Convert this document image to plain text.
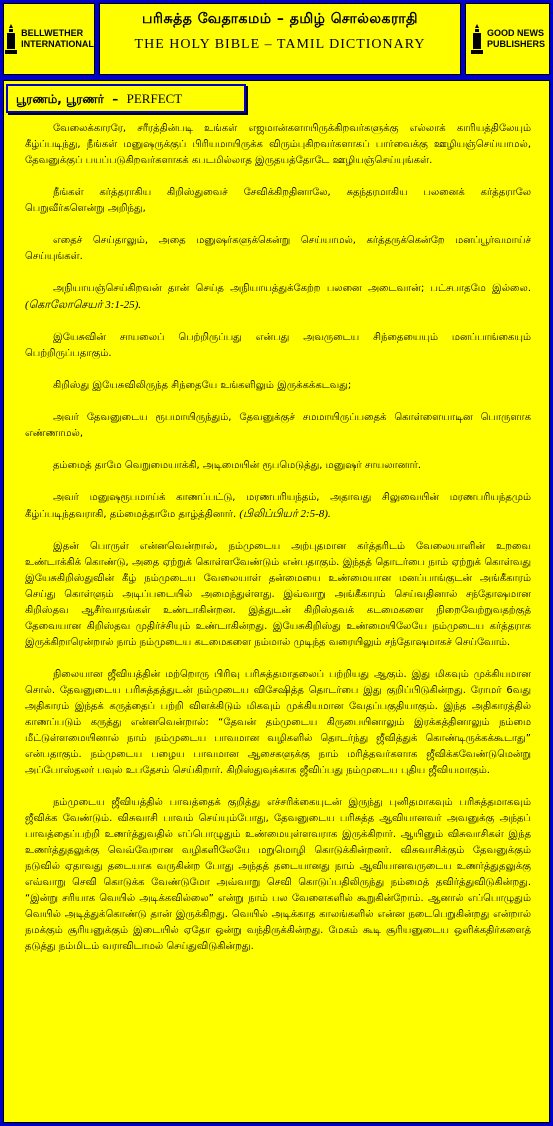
BELLWETHER
INTERNATIONAL
பரிசுத்த வேதாகமம் – தமிழ் சொல்லகராதி
THE HOLY BIBLE – TAMIL DICTIONARY
GOOD NEWS
PUBLISHERS
பூரணம், பூரணர் – PERFECT

வேலைக்காரரே, சரீரத்தின்படி உங்கள் எஜமான்களாயிருக்கிறவர்களுக்கு எல்லாக் காரியத்திலேயும் கீழ்ப்படிந்து, நீங்கள் மனுஷருக்குப் பிரியமாயிருக்க விரும்புகிறவர்களாகப் பார்வைக்கு ஊழியஞ்செய்யாமல், தேவனுக்குப் பயப்படுகிறவர்களாகக் கபடமில்லாத இருதயத்தோடே ஊழியஞ்செய்யுங்கள்.

நீங்கள் கர்த்தராகிய கிறிஸ்துவைச் சேவிக்கிறதினாலே, சுதந்தரமாகிய பலனைக் கர்த்தராலே பெறுவீர்களென்று அறிந்து,

எதைச் செய்தாலும், அதை மனுஷர்களுக்கென்று செய்யாமல், கர்த்தருக்கென்றே மனப்பூர்வமாய்ச் செய்யுங்கள்.

அநியாயஞ்செய்கிறவன் தான் செய்த அநியாயத்துக்கேற்ற பலனை அடைவான்; பட்சபாதமே இல்லை. (கொலோசெயர் 3:1-25).

இயேசுவின் சாயலைப் பெற்றிருப்பது என்பது அவருடைய சிந்தையையும் மனப்பாங்கையும் பெற்றிருப்பதாகும்.

கிறிஸ்து இயேசுவிலிருந்த சிந்தையே உங்களிலும் இருக்கக்கடவது;

அவர் தேவனுடைய ரூபமாயிருந்தும், தேவனுக்குச் சமமாயிருப்பதைக் கொள்ளையாடின பொருளாக எண்ணாமல்,

தம்மைத் தாமே வெறுமையாக்கி, அடிமையின் ரூபமெடுத்து, மனுஷர் சாயலானார்.

அவர் மனுஷரூபமாய்க் காணப்பட்டு, மரணபரியந்தம், அதாவது சிலுவையின் மரணபரியந்தமும் கீழ்ப்படிந்தவராகி, தம்மைத்தாமே தாழ்த்தினார். (பிலிப்பியர் 2:5-8).

இதன் பொருள் என்னவென்றால், நம்முடைய அற்புதமான கர்த்தரிடம் வேலையாளின் உறவை உண்டாக்கிக் கொண்டு, அதை ஏற்றுக் கொள்ளவேண்டும் என்பதாகும். இந்தத் தொடர்பை நாம் ஏற்றுக் கொள்வது இயேசுகிறிஸ்துவின் கீழ் நம்முடைய வேலையாள் தன்மையை உண்மையான மனப்பாங்குடன் அங்கீகாரம் செய்து கொள்ளும் அடிப்படையில் அமைந்துள்ளது. இவ்வாறு அங்கீகாரம் செய்வதினால் சந்தோஷமான கிறிஸ்தவ ஆசீர்வாதங்கள் உண்டாகின்றன. இத்துடன் கிறிஸ்தவக் கடமைகளை நிறைவேற்றுவதற்குத் தேவையான கிறிஸ்தவ முதிர்ச்சியும் உண்டாகின்றது. இயேசுகிறிஸ்து உண்மையிலேயே நம்முடைய கர்த்தராக இருக்கிறாரென்றால் நாம் நம்முடைய கடமைகளை நம்மால் முடிந்த வரையிலும் சந்தோஷமாகச் செய்வோம்.

நிலையான ஜீவியத்தின் மற்றொரு பிரிவு பரிசுத்தமாதலைப் பற்றியது ஆகும். இது மிகவும் முக்கியமான சொல். தேவனுடைய பரிசுத்தத்துடன் நம்முடைய விசேஷித்த தொடர்பை இது குறிப்பிடுகின்றது. ரோமர் 6வது அதிகாரம் இந்தக் கருத்தைப் பற்றி விளக்கிடும் மிகவும் முக்கியமான வேதப்பகுதியாகும். இந்த அதிகாரத்தில் காணப்படும் கருத்து என்னவென்றால்: “தேவன் தம்முடைய கிருபையினாலும் இரக்கத்தினாலும் நம்மை மீட்டுள்ளமையினால் நாம் நம்முடைய பாவமான வழிகளில் தொடர்ந்து ஜீவித்துக் கொண்டிருக்கக்கூடாது” என்பதாகும். நம்முடைய பழைய பாவமான ஆசைகளுக்கு நாம் மரித்தவர்களாக ஜீவிக்கவேண்டுமென்று அப்போஸ்தலர் பவுல் உபதேசம் செய்கிறார். கிறிஸ்துவுக்காக ஜீவிப்பது நம்முடைய புதிய ஜீவியமாகும்.

நம்முடைய ஜீவியத்தில் பாவத்தைக் குறித்து எச்சரிக்கையுடன் இருந்து புனிதமாகவும் பரிசுத்தமாகவும் ஜீவிக்க வேண்டும். விசுவாசி பாவம் செய்யும்போது, தேவனுடைய பரிசுத்த ஆவியானவர் அவனுக்கு அந்தப் பாவத்தைப்பற்றி உணர்த்துவதில் எப்பொழுதும் உண்மையுள்ளவராக இருக்கிறார். ஆயினும் விசுவாசிகள் இந்த உணர்த்துதலுக்கு வெவ்வேறான வழிகளிலேயே மறுமொழி கொடுக்கின்றனர். விசுவாசிக்கும் தேவனுக்கும் நடுவில் ஏதாவது தடையாக வருகின்ற போது அந்தத் தடையானது நாம் ஆவியானவருடைய உணர்த்துதலுக்கு எவ்வாறு செவி கொடுக்க வேண்டுமோ அவ்வாறு செவி கொடுப்பதிலிருந்து நம்மைத் தவிர்த்துவிடுகின்றது. “இன்று சரியாக வெயில் அடிக்கவில்லை” என்று நாம் பல வேளைகளில் கூறுகின்றோம். ஆனால் எப்பொழுதும் வெயில் அடித்துக்கொண்டு தான் இருக்கிறது. வெயில் அடிக்காத காலங்களில் என்ன நடைபெறுகின்றது என்றால் நமக்கும் சூரியனுக்கும் இடையில் ஏதோ ஒன்று வந்திருக்கின்றது. மேகம் கூடி சூரியனுடைய ஒளிக்கதிர்களைத் தடுத்து நம்மிடம் வராவிடாமல் செய்துவிடுகின்றது.
